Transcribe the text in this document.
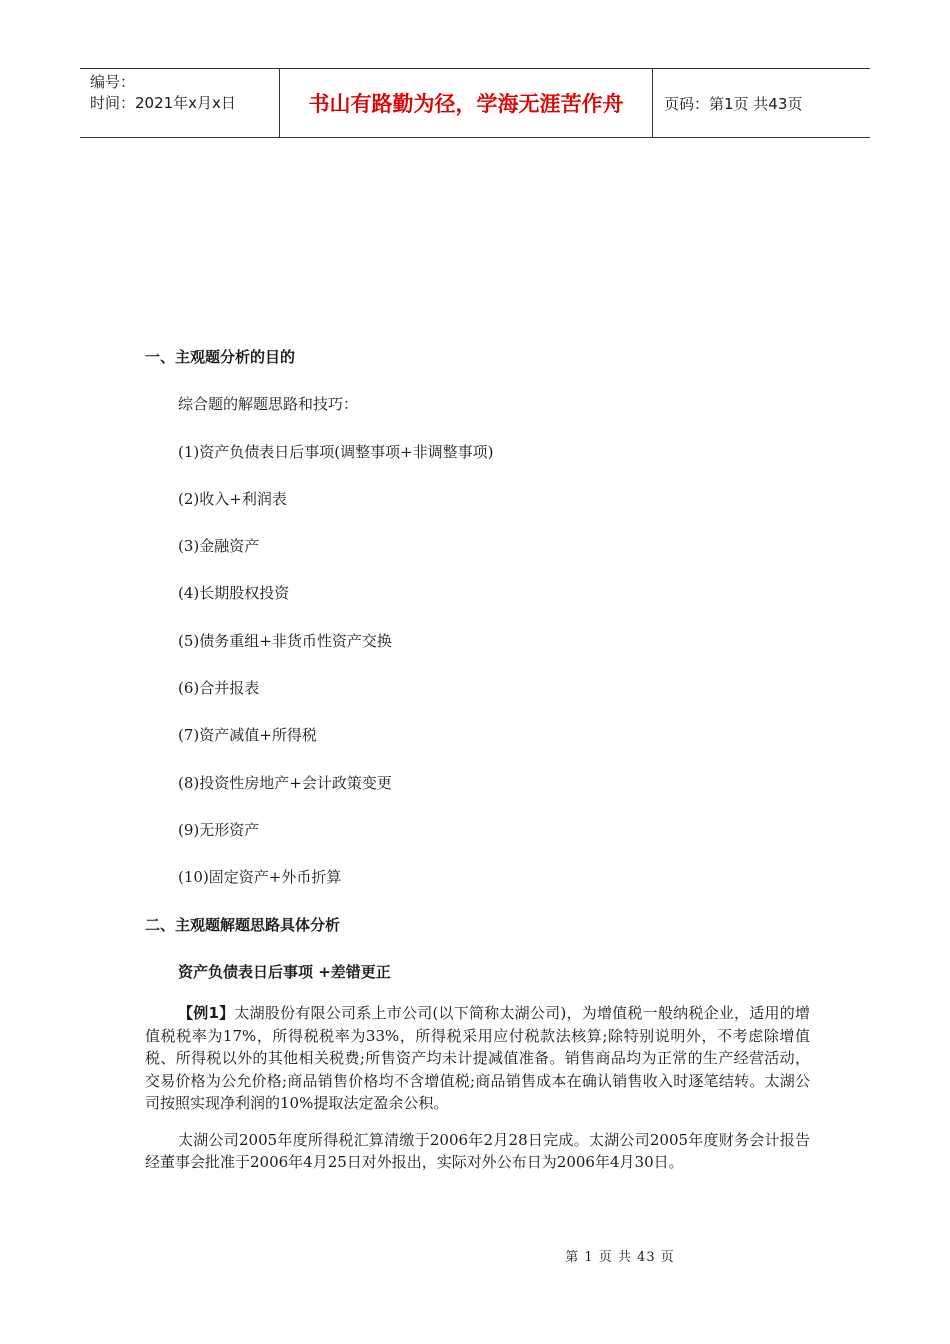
编号：
时间：2021年x月x日	书山有路勤为径，学海无涯苦作舟	页码：第1页 共43页
一、主观题分析的目的
综合题的解题思路和技巧：
(1)资产负债表日后事项(调整事项+非调整事项)
(2)收入+利润表
(3)金融资产
(4)长期股权投资
(5)债务重组+非货币性资产交换
(6)合并报表
(7)资产减值+所得税
(8)投资性房地产+会计政策变更
(9)无形资产
(10)固定资产+外币折算
二、主观题解题思路具体分析
资产负债表日后事项 +差错更正

【例1】太湖股份有限公司系上市公司(以下简称太湖公司)，为增值税一般纳税企业，适用的增值税税率为17%，所得税税率为33%，所得税采用应付税款法核算;除特别说明外，不考虑除增值税、所得税以外的其他相关税费;所售资产均未计提减值准备。销售商品均为正常的生产经营活动，交易价格为公允价格;商品销售价格均不含增值税;商品销售成本在确认销售收入时逐笔结转。太湖公司按照实现净利润的10%提取法定盈余公积。

太湖公司2005年度所得税汇算清缴于2006年2月28日完成。太湖公司2005年度财务会计报告经董事会批准于2006年4月25日对外报出，实际对外公布日为2006年4月30日。

第 1 页 共 43 页
